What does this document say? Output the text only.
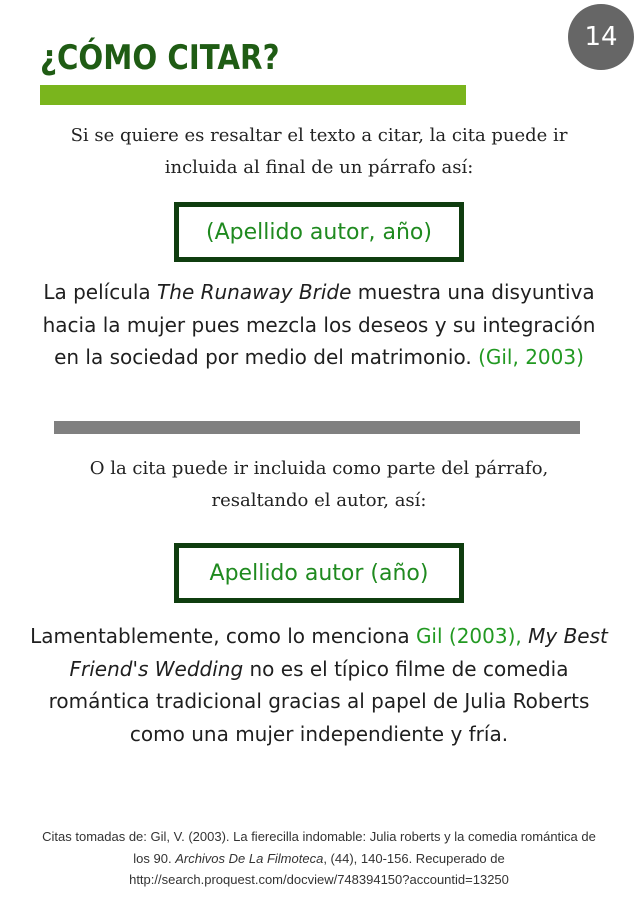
14
¿CÓMO CITAR?
Si se quiere es resaltar el texto a citar, la cita puede ir
incluida al final de un párrafo así:
(Apellido autor, año)
La película The Runaway Bride muestra una disyuntiva hacia la mujer pues mezcla los deseos y su integración en la sociedad por medio del matrimonio. (Gil, 2003)
O la cita puede ir incluida como parte del párrafo,
resaltando el autor, así:
Apellido autor (año)
Lamentablemente, como lo menciona Gil (2003), My Best Friend's Wedding no es el típico filme de comedia romántica tradicional gracias al papel de Julia Roberts como una mujer independiente y fría.
Citas tomadas de: Gil, V. (2003). La fierecilla indomable: Julia roberts y la comedia romántica de los 90. Archivos De La Filmoteca, (44), 140-156. Recuperado de http://search.proquest.com/docview/748394150?accountid=13250
